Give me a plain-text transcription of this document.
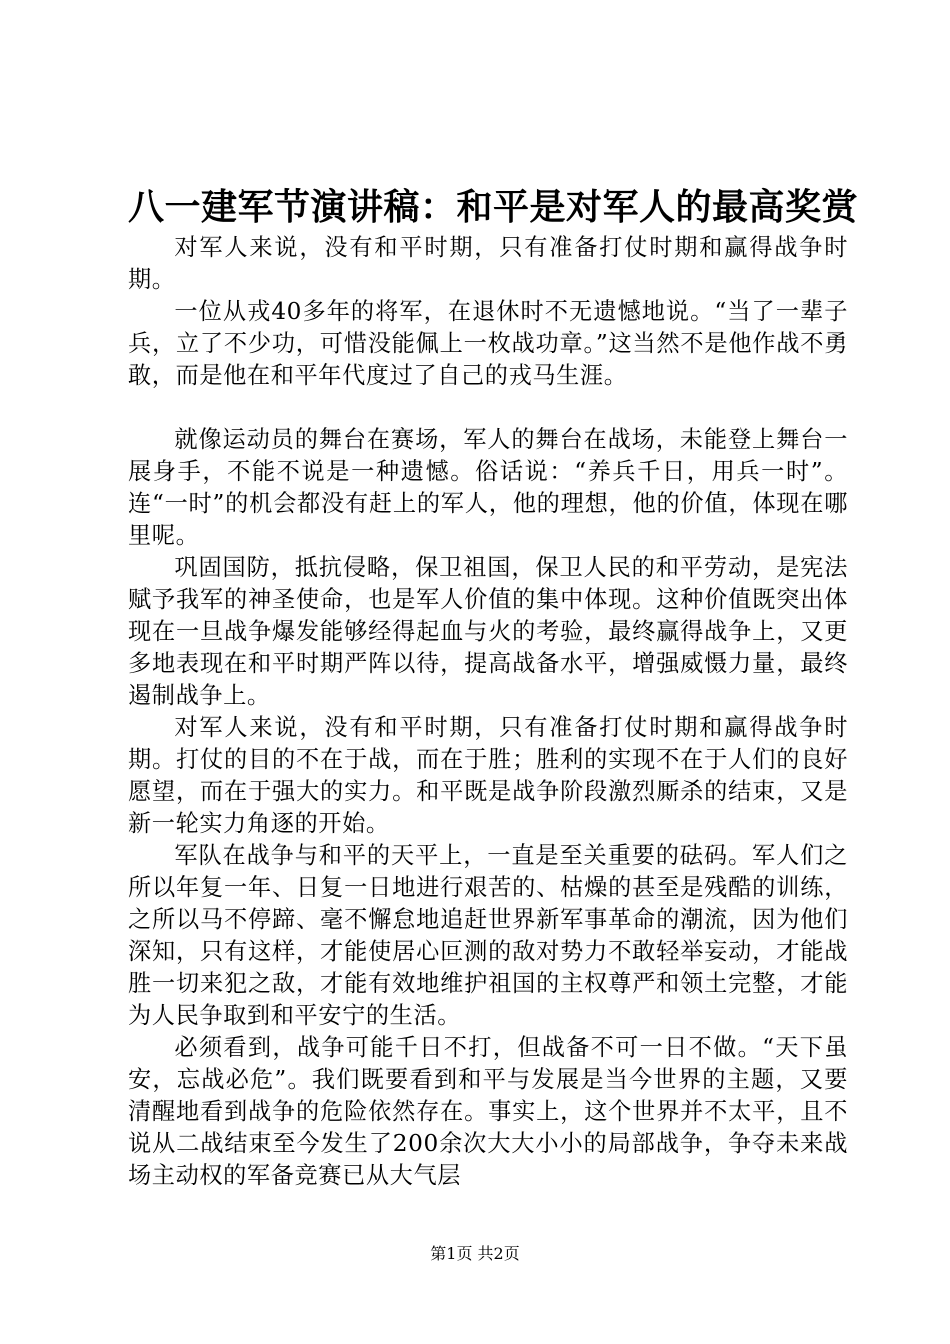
八一建军节演讲稿：和平是对军人的最高奖赏

对军人来说，没有和平时期，只有准备打仗时期和赢得战争时期。

一位从戎40多年的将军，在退休时不无遗憾地说。“当了一辈子兵，立了不少功，可惜没能佩上一枚战功章。”这当然不是他作战不勇敢，而是他在和平年代度过了自己的戎马生涯。

就像运动员的舞台在赛场，军人的舞台在战场，未能登上舞台一展身手，不能不说是一种遗憾。俗话说：“养兵千日，用兵一时”。连“一时”的机会都没有赶上的军人，他的理想，他的价值，体现在哪里呢。

巩固国防，抵抗侵略，保卫祖国，保卫人民的和平劳动，是宪法赋予我军的神圣使命，也是军人价值的集中体现。这种价值既突出体现在一旦战争爆发能够经得起血与火的考验，最终赢得战争上，又更多地表现在和平时期严阵以待，提高战备水平，增强威慑力量，最终遏制战争上。

对军人来说，没有和平时期，只有准备打仗时期和赢得战争时期。打仗的目的不在于战，而在于胜；胜利的实现不在于人们的良好愿望，而在于强大的实力。和平既是战争阶段激烈厮杀的结束，又是新一轮实力角逐的开始。

军队在战争与和平的天平上，一直是至关重要的砝码。军人们之所以年复一年、日复一日地进行艰苦的、枯燥的甚至是残酷的训练，之所以马不停蹄、毫不懈怠地追赶世界新军事革命的潮流，因为他们深知，只有这样，才能使居心叵测的敌对势力不敢轻举妄动，才能战胜一切来犯之敌，才能有效地维护祖国的主权尊严和领土完整，才能为人民争取到和平安宁的生活。

必须看到，战争可能千日不打，但战备不可一日不做。“天下虽安，忘战必危”。我们既要看到和平与发展是当今世界的主题，又要清醒地看到战争的危险依然存在。事实上，这个世界并不太平，且不说从二战结束至今发生了200余次大大小小的局部战争，争夺未来战场主动权的军备竞赛已从大气层

第1页 共2页
